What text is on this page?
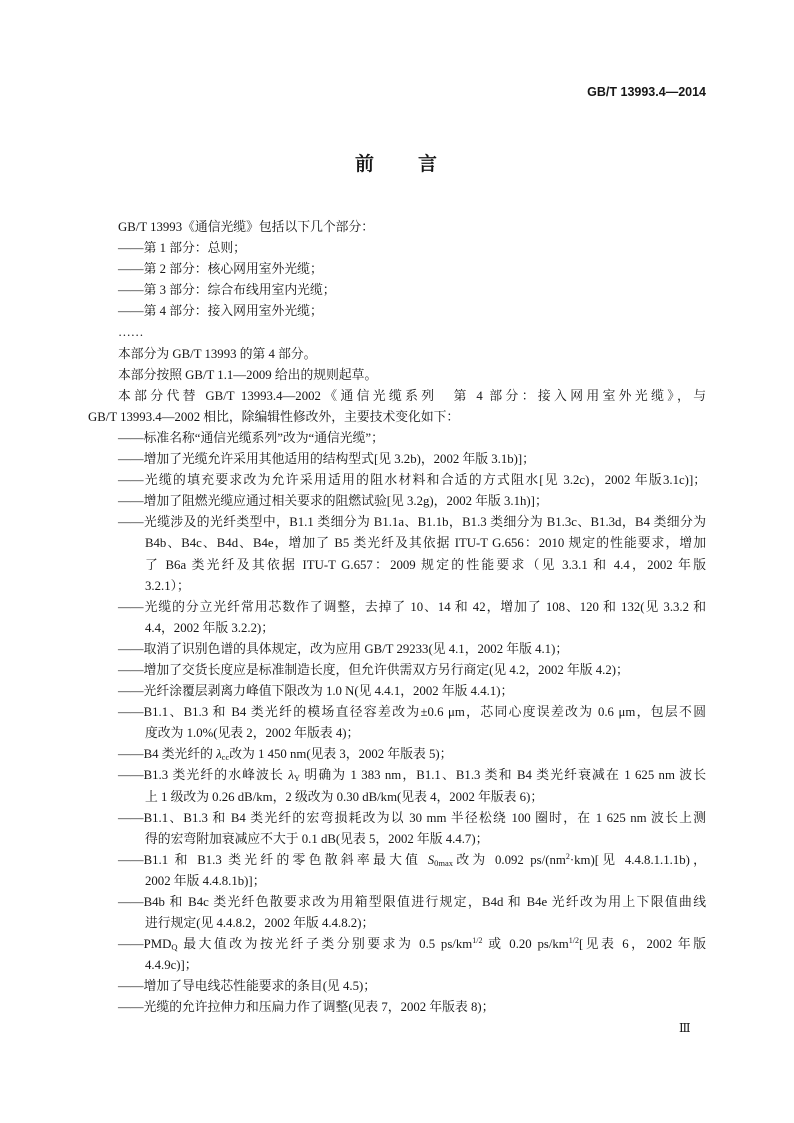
GB/T 13993.4—2014
前　　言
GB/T 13993《通信光缆》包括以下几个部分：
——第 1 部分：总则；
——第 2 部分：核心网用室外光缆；
——第 3 部分：综合布线用室内光缆；
——第 4 部分：接入网用室外光缆；
……
本部分为 GB/T 13993 的第 4 部分。
本部分按照 GB/T 1.1—2009 给出的规则起草。
本部分代替 GB/T 13993.4—2002《通信光缆系列　第 4 部分：接入网用室外光缆》，与
GB/T 13993.4—2002 相比，除编辑性修改外，主要技术变化如下：
——标准名称“通信光缆系列”改为“通信光缆”；
——增加了光缆允许采用其他适用的结构型式[见 3.2b)，2002 年版 3.1b)]；
——光缆的填充要求改为允许采用适用的阻水材料和合适的方式阻水[见 3.2c)，2002 年版3.1c)]；
——增加了阻燃光缆应通过相关要求的阻燃试验[见 3.2g)，2002 年版 3.1h)]；
——光缆涉及的光纤类型中，B1.1 类细分为 B1.1a、B1.1b，B1.3 类细分为 B1.3c、B1.3d，B4 类细分为
B4b、B4c、B4d、B4e，增加了 B5 类光纤及其依据 ITU-T G.656：2010 规定的性能要求，增加
了 B6a 类光纤及其依据 ITU-T G.657：2009 规定的性能要求（见 3.3.1 和 4.4，2002 年版
3.2.1）；
——光缆的分立光纤常用芯数作了调整，去掉了 10、14 和 42，增加了 108、120 和 132(见 3.3.2 和
4.4，2002 年版 3.2.2)；
——取消了识别色谱的具体规定，改为应用 GB/T 29233(见 4.1，2002 年版 4.1)；
——增加了交货长度应是标准制造长度，但允许供需双方另行商定(见 4.2，2002 年版 4.2)；
——光纤涂覆层剥离力峰值下限改为 1.0 N(见 4.4.1，2002 年版 4.4.1)；
——B1.1、B1.3 和 B4 类光纤的模场直径容差改为±0.6 μm，芯同心度误差改为 0.6 μm，包层不圆
度改为 1.0%(见表 2，2002 年版表 4)；
——B4 类光纤的 $\lambda_{cc}$改为 1 450 nm(见表 3，2002 年版表 5)；
——B1.3 类光纤的水峰波长 $\lambda_Y$ 明确为 1 383 nm，B1.1、B1.3 类和 B4 类光纤衰减在 1 625 nm 波长
上 1 级改为 0.26 dB/km，2 级改为 0.30 dB/km(见表 4，2002 年版表 6)；
——B1.1、B1.3 和 B4 类光纤的宏弯损耗改为以 30 mm 半径松绕 100 圈时，在 1 625 nm 波长上测
得的宏弯附加衰减应不大于 0.1 dB(见表 5，2002 年版 4.4.7)；
——B1.1 和 B1.3 类光纤的零色散斜率最大值 $S_{0max}$改为 0.092 $ps/(nm^2\cdot km)$[见 4.4.8.1.1.1b)，
2002 年版 4.4.8.1b)]；
——B4b 和 B4c 类光纤色散要求改为用箱型限值进行规定，B4d 和 B4e 光纤改为用上下限值曲线
进行规定(见 4.4.8.2，2002 年版 4.4.8.2)；
$——PMD_Q$ 最大值改为按光纤子类分别要求为 0.5 $ps/km^{1/2}$ 或 0.20 $ps/km^{1/2}$[见表 6，2002 年版
4.4.9c)]；
——增加了导电线芯性能要求的条目(见 4.5)；
——光缆的允许拉伸力和压扁力作了调整(见表 7，2002 年版表 8)；
Ⅲ
